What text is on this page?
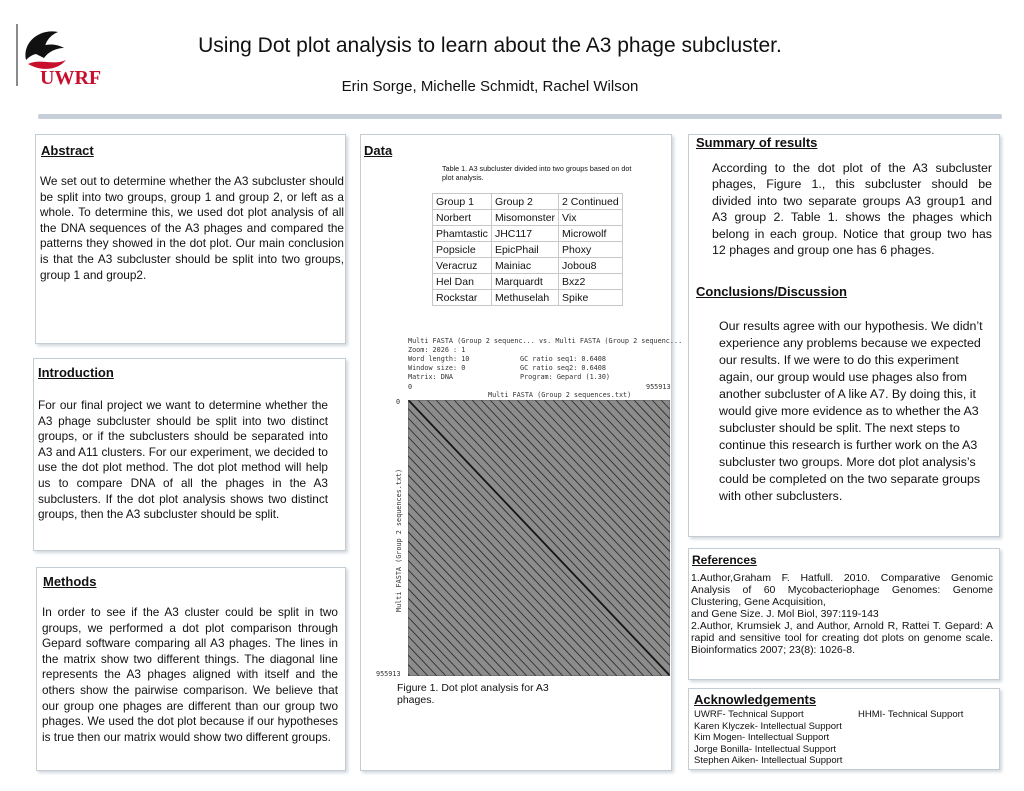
UWRF
Using Dot plot analysis to learn about the A3 phage subcluster.
Erin Sorge, Michelle Schmidt, Rachel Wilson
Abstract
We set out to determine whether the A3 subcluster should be split into two groups, group 1 and group 2, or left as a whole. To determine this, we used dot plot analysis of all the DNA sequences of the A3 phages and compared the patterns they showed in the dot plot. Our main conclusion is that the A3 subcluster should be split into two groups, group 1 and group2.
Introduction
For our final project we want to determine whether the A3 phage subcluster should be split into two distinct groups, or if the subclusters should be separated into A3 and A11 clusters. For our experiment, we decided to use the dot plot method. The dot plot method will help us to compare DNA of all the phages in the A3 subclusters. If the dot plot analysis shows two distinct groups, then the A3 subcluster should be split.
Methods
In order to see if the A3 cluster could be split in two groups, we performed a dot plot comparison through Gepard software comparing all A3 phages. The lines in the matrix show two different things. The diagonal line represents the A3 phages aligned with itself and the others show the pairwise comparison. We believe that our group one phages are different than our group two phages. We used the dot plot because if our hypotheses is true then our matrix would show two different groups.
Data
Table 1. A3 subcluster divided into two groups based on dot plot analysis.
Group 1	Group 2	2 Continued
Norbert	Misomonster	Vix
Phamtastic	JHC117	Microwolf
Popsicle	EpicPhail	Phoxy
Veracruz	Mainiac	Jobou8
Hel Dan	Marquardt	Bxz2
Rockstar	Methuselah	Spike
Multi FASTA (Group 2 sequenc... vs. Multi FASTA (Group 2 sequenc...
Zoom: 2026 : 1
Word length: 10
Window size: 0
Matrix: DNA
GC ratio seq1: 0.6408
GC ratio seq2: 0.6408
Program: Gepard (1.30)
Multi FASTA (Group 2 sequences.txt)
0	955913
0
955913
Multi FASTA (Group 2 sequences.txt)
Figure 1. Dot plot analysis for A3 phages.
Summary of results
According to the dot plot of the A3 subcluster phages, Figure 1., this subcluster should be divided into two separate groups A3 group1 and A3 group 2. Table 1. shows the phages which belong in each group. Notice that group two has 12 phages and group one has 6 phages.
Conclusions/Discussion
Our results agree with our hypothesis. We didn’t experience any problems because we expected our results. If we were to do this experiment again, our group would use phages also from another subcluster of A like A7. By doing this, it would give more evidence as to whether the A3 subcluster should be split. The next steps to continue this research is further work on the A3 subcluster two groups. More dot plot analysis’s could be completed on the two separate groups with other subclusters.
References
1.Author,Graham F. Hatfull. 2010. Comparative Genomic Analysis of 60 Mycobacteriophage Genomes: Genome Clustering, Gene Acquisition,
and Gene Size. J. Mol Biol, 397:119-143
2.Author, Krumsiek J, and Author, Arnold R, Rattei T. Gepard: A rapid and sensitive tool for creating dot plots on genome scale. Bioinformatics 2007; 23(8): 1026-8.
Acknowledgements
UWRF- Technical Support
Karen Klyczek- Intellectual Support
Kim Mogen- Intellectual Support
Jorge Bonilla- Intellectual Support
Stephen Aiken- Intellectual Support
HHMI- Technical Support
